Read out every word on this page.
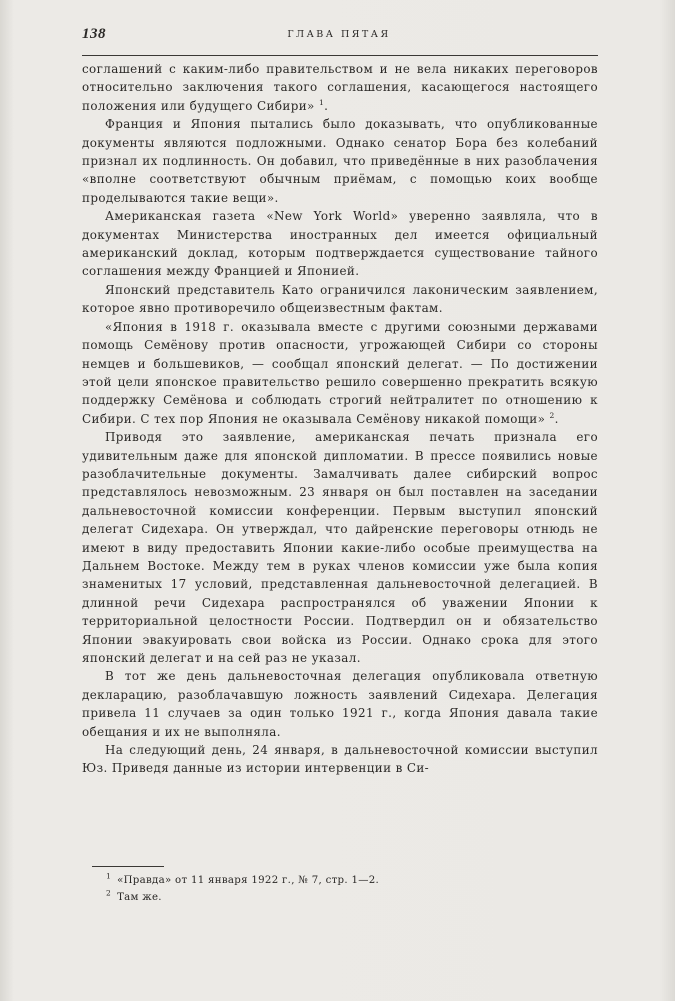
138	ГЛАВА ПЯТАЯ

соглашений с каким-либо правительством и не вела никаких переговоров относительно заключения такого соглашения, касающегося настоящего положения или будущего Сибири» $^1$.

Франция и Япония пытались было доказывать, что опубликованные документы являются подложными. Однако сенатор Бора без колебаний признал их подлинность. Он добавил, что приведённые в них разоблачения «вполне соответствуют обычным приёмам, с помощью коих вообще проделываются такие вещи».

Американская газета «New York World» уверенно заявляла, что в документах Министерства иностранных дел имеется официальный американский доклад, которым подтверждается существование тайного соглашения между Францией и Японией.

Японский представитель Като ограничился лаконическим заявлением, которое явно противоречило общеизвестным фактам.

«Япония в 1918 г. оказывала вместе с другими союзными державами помощь Семёнову против опасности, угрожающей Сибири со стороны немцев и большевиков, — сообщал японский делегат. — По достижении этой цели японское правительство решило совершенно прекратить всякую поддержку Семёнова и соблюдать строгий нейтралитет по отношению к Сибири. С тех пор Япония не оказывала Семёнову никакой помощи» $^2$.

Приводя это заявление, американская печать признала его удивительным даже для японской дипломатии. В прессе появились новые разоблачительные документы. Замалчивать далее сибирский вопрос представлялось невозможным. 23 января он был поставлен на заседании дальневосточной комиссии конференции. Первым выступил японский делегат Сидехара. Он утверждал, что дайренские переговоры отнюдь не имеют в виду предоставить Японии какие-либо особые преимущества на Дальнем Востоке. Между тем в руках членов комиссии уже была копия знаменитых 17 условий, представленная дальневосточной делегацией. В длинной речи Сидехара распространялся об уважении Японии к территориальной целостности России. Подтвердил он и обязательство Японии эвакуировать свои войска из России. Однако срока для этого японский делегат и на сей раз не указал.

В тот же день дальневосточная делегация опубликовала ответную декларацию, разоблачавшую ложность заявлений Сидехара. Делегация привела 11 случаев за один только 1921 г., когда Япония давала такие обещания и их не выполняла.

На следующий день, 24 января, в дальневосточной комиссии выступил Юз. Приведя данные из истории интервенции в Си-

$^1$ «Правда» от 11 января 1922 г., № 7, стр. 1—2.
$^2$ Там же.
